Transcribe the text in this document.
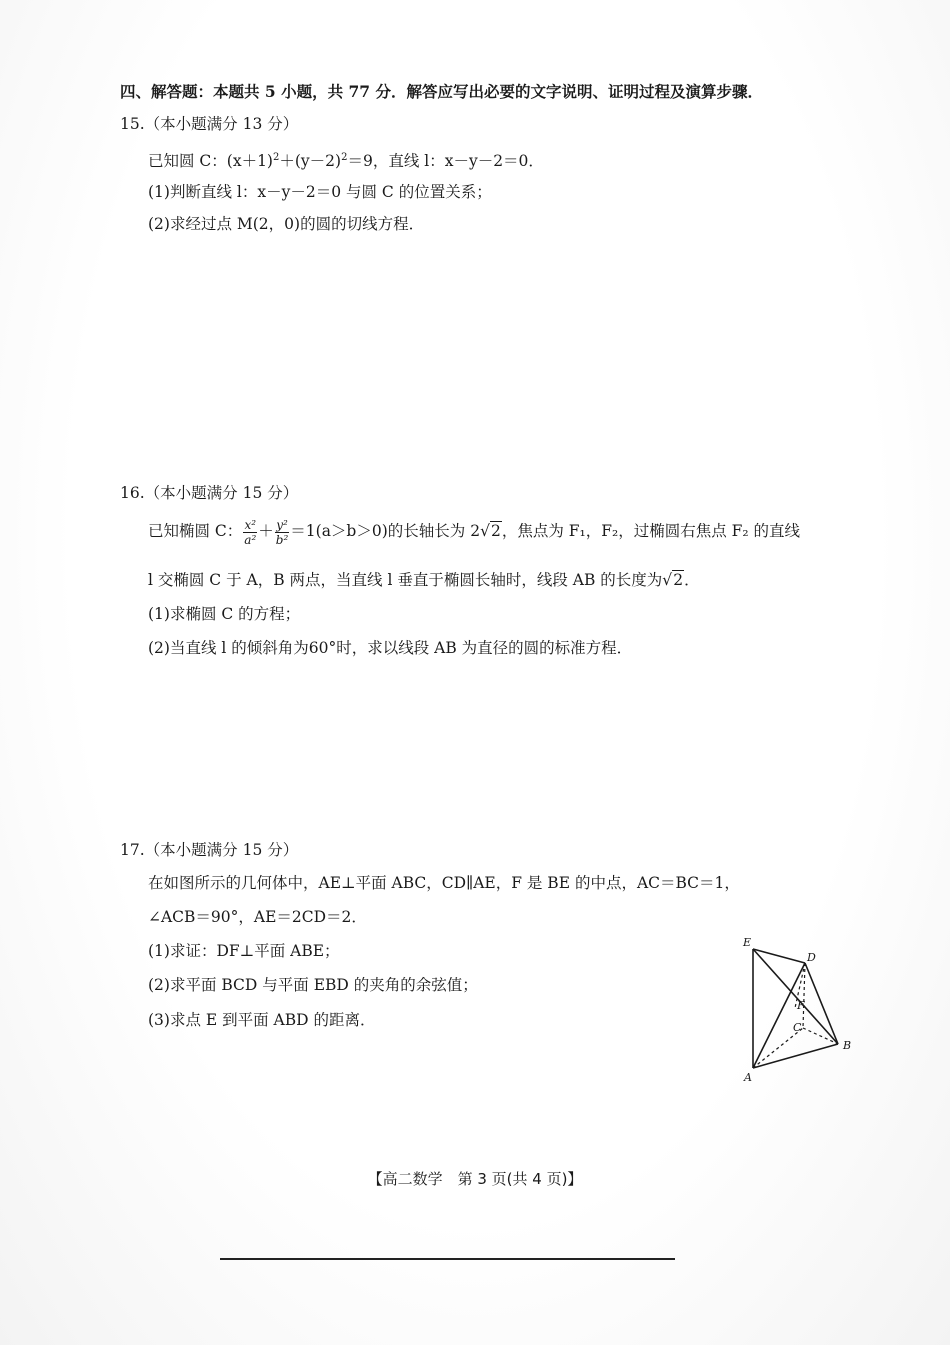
四、解答题：本题共 5 小题，共 77 分．解答应写出必要的文字说明、证明过程及演算步骤．
15.（本小题满分 13 分）
已知圆 C：$(x+1)^2+(y-2)^2=9$，直线 l：x－y－2＝0．
(1)判断直线 l：x－y－2＝0 与圆 C 的位置关系；
(2)求经过点 M(2，0)的圆的切线方程．
16.（本小题满分 15 分）
已知椭圆 C： $\frac{\text{x²}}{\text{a²}} + \frac{\text{y²}}{\text{b²}} =1(a>b>0)$的长轴长为 2√2，焦点为 F₁，F₂，过椭圆右焦点 F₂ 的直线
l 交椭圆 C 于 A，B 两点，当直线 l 垂直于椭圆长轴时，线段 AB 的长度为√2．
(1)求椭圆 C 的方程；
(2)当直线 l 的倾斜角为60°时，求以线段 AB 为直径的圆的标准方程．
17.（本小题满分 15 分）
在如图所示的几何体中，AE⊥平面 ABC，CD∥AE，F 是 BE 的中点，AC＝BC＝1，
∠ACB＝90°，AE＝2CD＝2．
(1)求证：DF⊥平面 ABE；
(2)求平面 BCD 与平面 EBD 的夹角的余弦值；
(3)求点 E 到平面 ABD 的距离．
E
D
F
C
B
A
【高二数学　第 3 页(共 4 页)】
